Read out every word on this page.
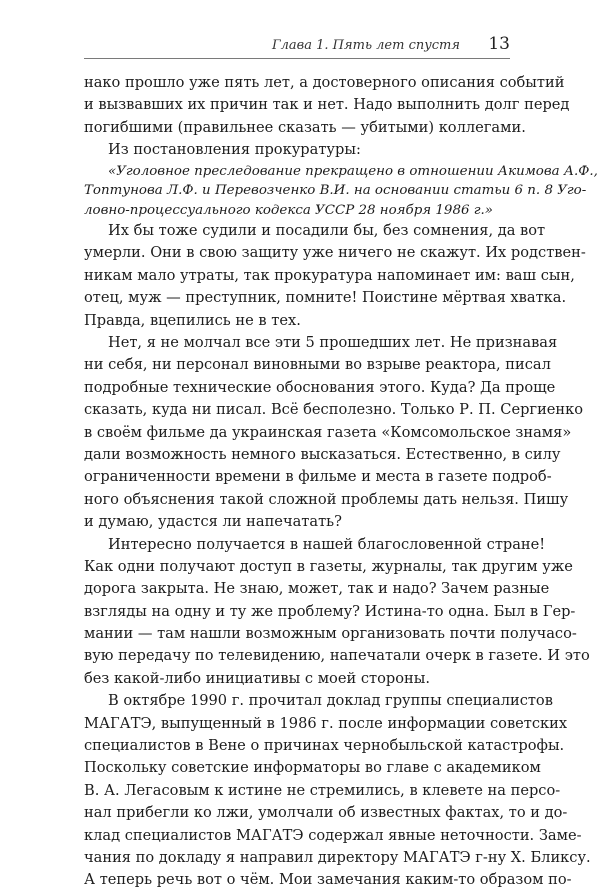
Глава 1. Пять лет спустя 13
нако прошло уже пять лет, а достоверного описания событий
и вызвавших их причин так и нет. Надо выполнить долг перед
погибшими (правильнее сказать — убитыми) коллегами.
Из постановления прокуратуры:
«Уголовное преследование прекращено в отношении Акимова А.Ф.,
Топтунова Л.Ф. и Перевозченко В.И. на основании статьи 6 п. 8 Уго-
ловно-процессуального кодекса УССР 28 ноября 1986 г.»
Их бы тоже судили и посадили бы, без сомнения, да вот
умерли. Они в свою защиту уже ничего не скажут. Их родствен-
никам мало утраты, так прокуратура напоминает им: ваш сын,
отец, муж — преступник, помните! Поистине мёртвая хватка.
Правда, вцепились не в тех.
Нет, я не молчал все эти 5 прошедших лет. Не признавая
ни себя, ни персонал виновными во взрыве реактора, писал
подробные технические обоснования этого. Куда? Да проще
сказать, куда ни писал. Всё бесполезно. Только Р. П. Сергиенко
в своём фильме да украинская газета «Комсомольское знамя»
дали возможность немного высказаться. Естественно, в силу
ограниченности времени в фильме и места в газете подроб-
ного объяснения такой сложной проблемы дать нельзя. Пишу
и думаю, удастся ли напечатать?
Интересно получается в нашей благословенной стране!
Как одни получают доступ в газеты, журналы, так другим уже
дорога закрыта. Не знаю, может, так и надо? Зачем разные
взгляды на одну и ту же проблему? Истина-то одна. Был в Гер-
мании — там нашли возможным организовать почти получасо-
вую передачу по телевидению, напечатали очерк в газете. И это
без какой-либо инициативы с моей стороны.
В октябре 1990 г. прочитал доклад группы специалистов
МАГАТЭ, выпущенный в 1986 г. после информации советских
специалистов в Вене о причинах чернобыльской катастрофы.
Поскольку советские информаторы во главе с академиком
В. А. Легасовым к истине не стремились, в клевете на персо-
нал прибегли ко лжи, умолчали об известных фактах, то и до-
клад специалистов МАГАТЭ содержал явные неточности. Заме-
чания по докладу я направил директору МАГАТЭ г-ну Х. Бликсу.
А теперь речь вот о чём. Мои замечания каким-то образом по-
